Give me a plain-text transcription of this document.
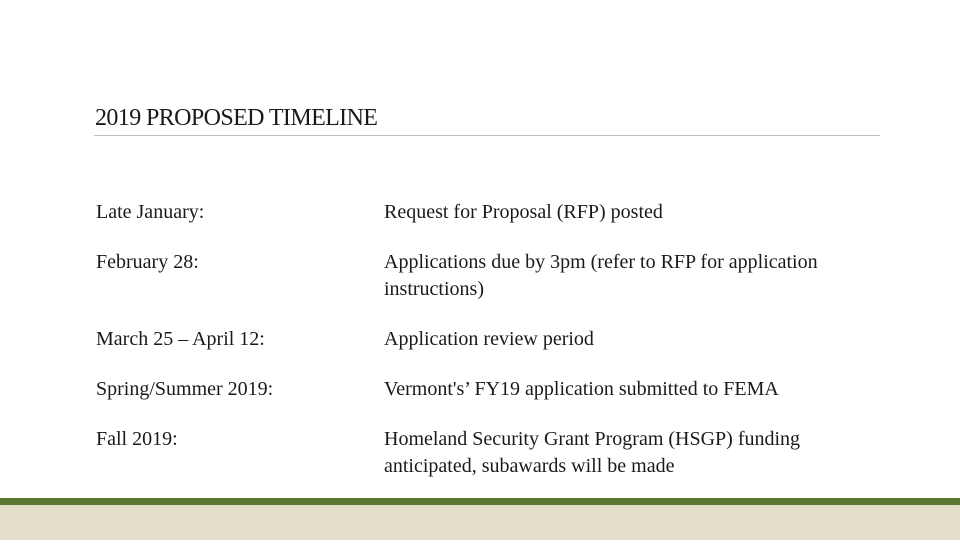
2019 PROPOSED TIMELINE
Late January:	Request for Proposal (RFP) posted
February 28:	Applications due by 3pm (refer to RFP for application instructions)
March 25 – April 12:	Application review period
Spring/Summer 2019:	Vermont's’ FY19 application submitted to FEMA
Fall 2019:	Homeland Security Grant Program (HSGP) funding anticipated, subawards will be made
